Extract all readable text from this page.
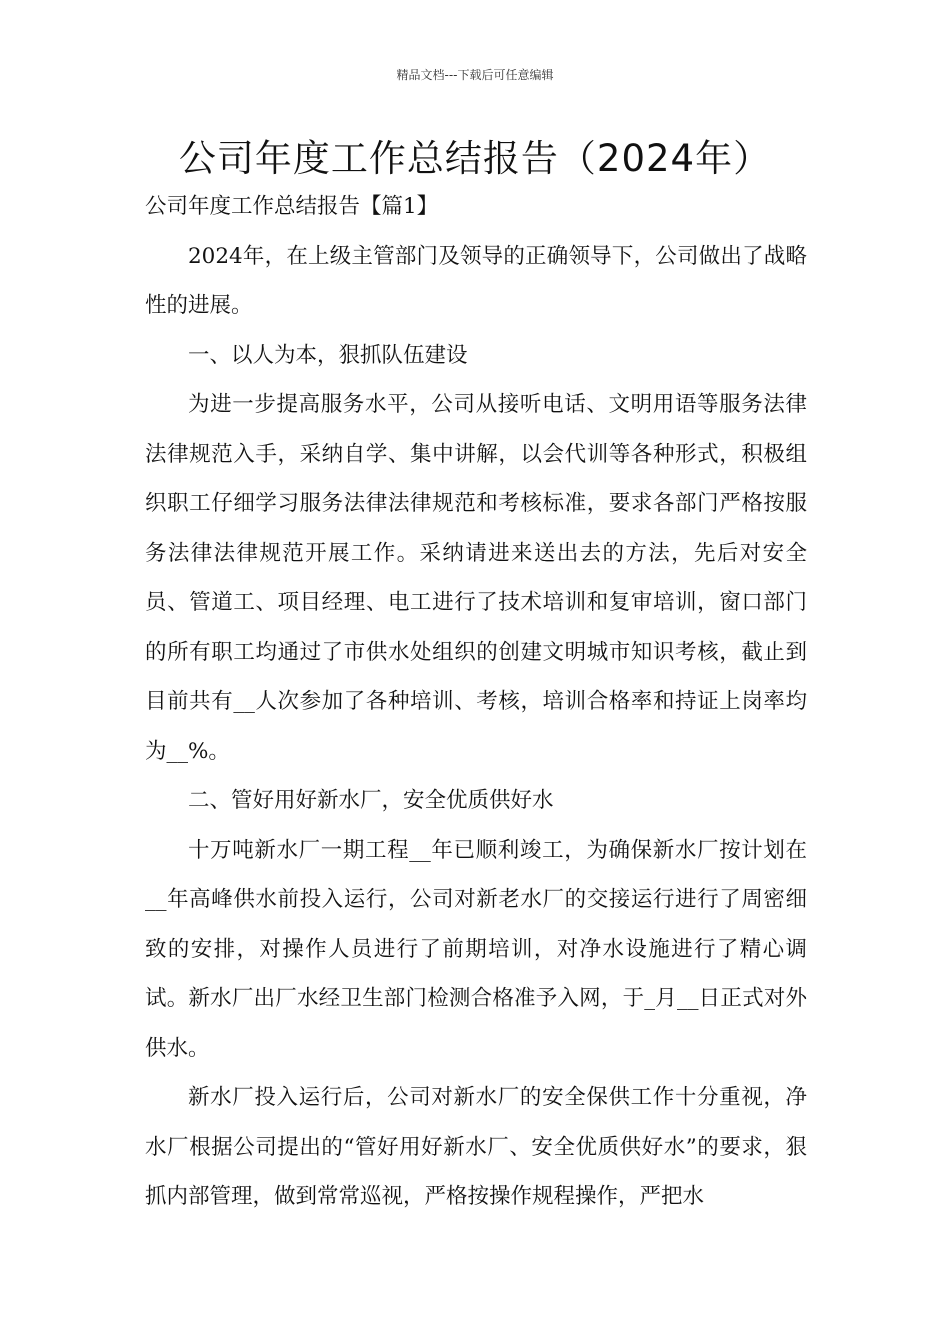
精品文档---下载后可任意编辑
公司年度工作总结报告（2024年）

公司年度工作总结报告【篇1】

2024年，在上级主管部门及领导的正确领导下，公司做出了战略性的进展。

一、以人为本，狠抓队伍建设

为进一步提高服务水平，公司从接听电话、文明用语等服务法律法律规范入手，采纳自学、集中讲解，以会代训等各种形式，积极组织职工仔细学习服务法律法律规范和考核标准，要求各部门严格按服务法律法律规范开展工作。采纳请进来送出去的方法，先后对安全员、管道工、项目经理、电工进行了技术培训和复审培训，窗口部门的所有职工均通过了市供水处组织的创建文明城市知识考核，截止到目前共有__人次参加了各种培训、考核，培训合格率和持证上岗率均为__%。

二、管好用好新水厂，安全优质供好水

十万吨新水厂一期工程__年已顺利竣工，为确保新水厂按计划在__年高峰供水前投入运行，公司对新老水厂的交接运行进行了周密细致的安排，对操作人员进行了前期培训，对净水设施进行了精心调试。新水厂出厂水经卫生部门检测合格准予入网，于_月__日正式对外供水。

新水厂投入运行后，公司对新水厂的安全保供工作十分重视，净水厂根据公司提出的“管好用好新水厂、安全优质供好水”的要求，狠抓内部管理，做到常常巡视，严格按操作规程操作，严把水
